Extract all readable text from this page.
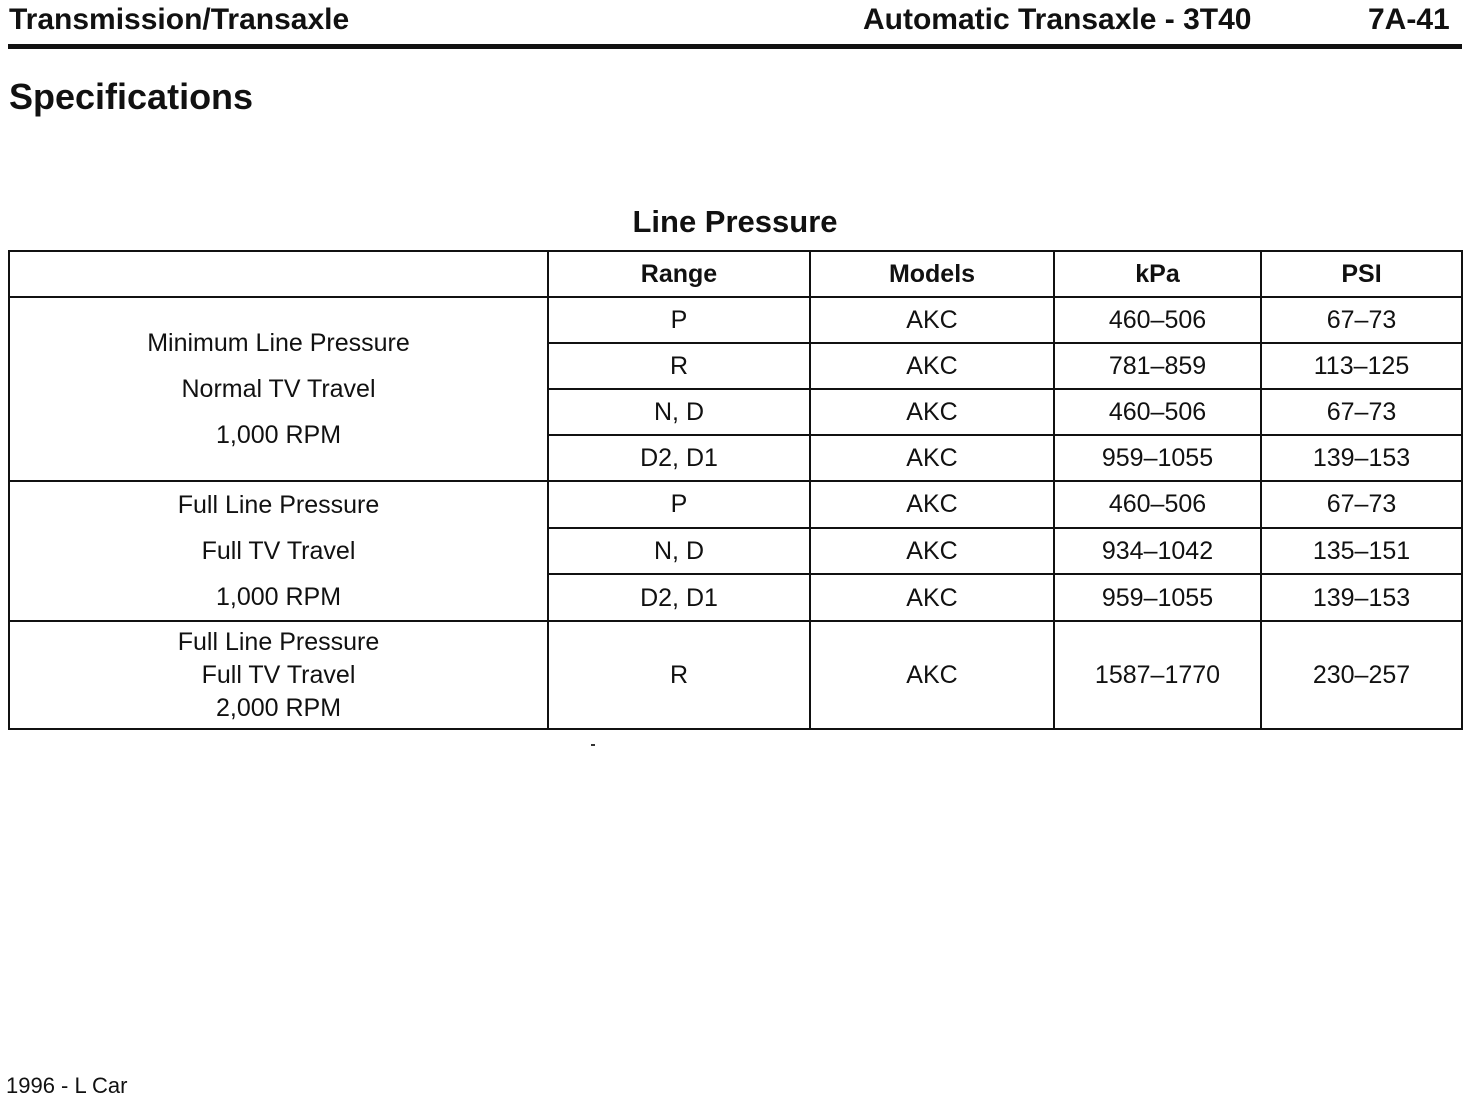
Transmission/Transaxle	Automatic Transaxle - 3T40	7A-41
Specifications
Line Pressure
	Range	Models	kPa	PSI

Minimum Line Pressure
Normal TV Travel
1,000 RPM	P	AKC	460–506	67–73
	R	AKC	781–859	113–125
	N, D	AKC	460–506	67–73
	D2, D1	AKC	959–1055	139–153

Full Line Pressure
Full TV Travel
1,000 RPM	P	AKC	460–506	67–73
	N, D	AKC	934–1042	135–151
	D2, D1	AKC	959–1055	139–153

Full Line Pressure
Full TV Travel
2,000 RPM	R	AKC	1587–1770	230–257
1996 - L Car
